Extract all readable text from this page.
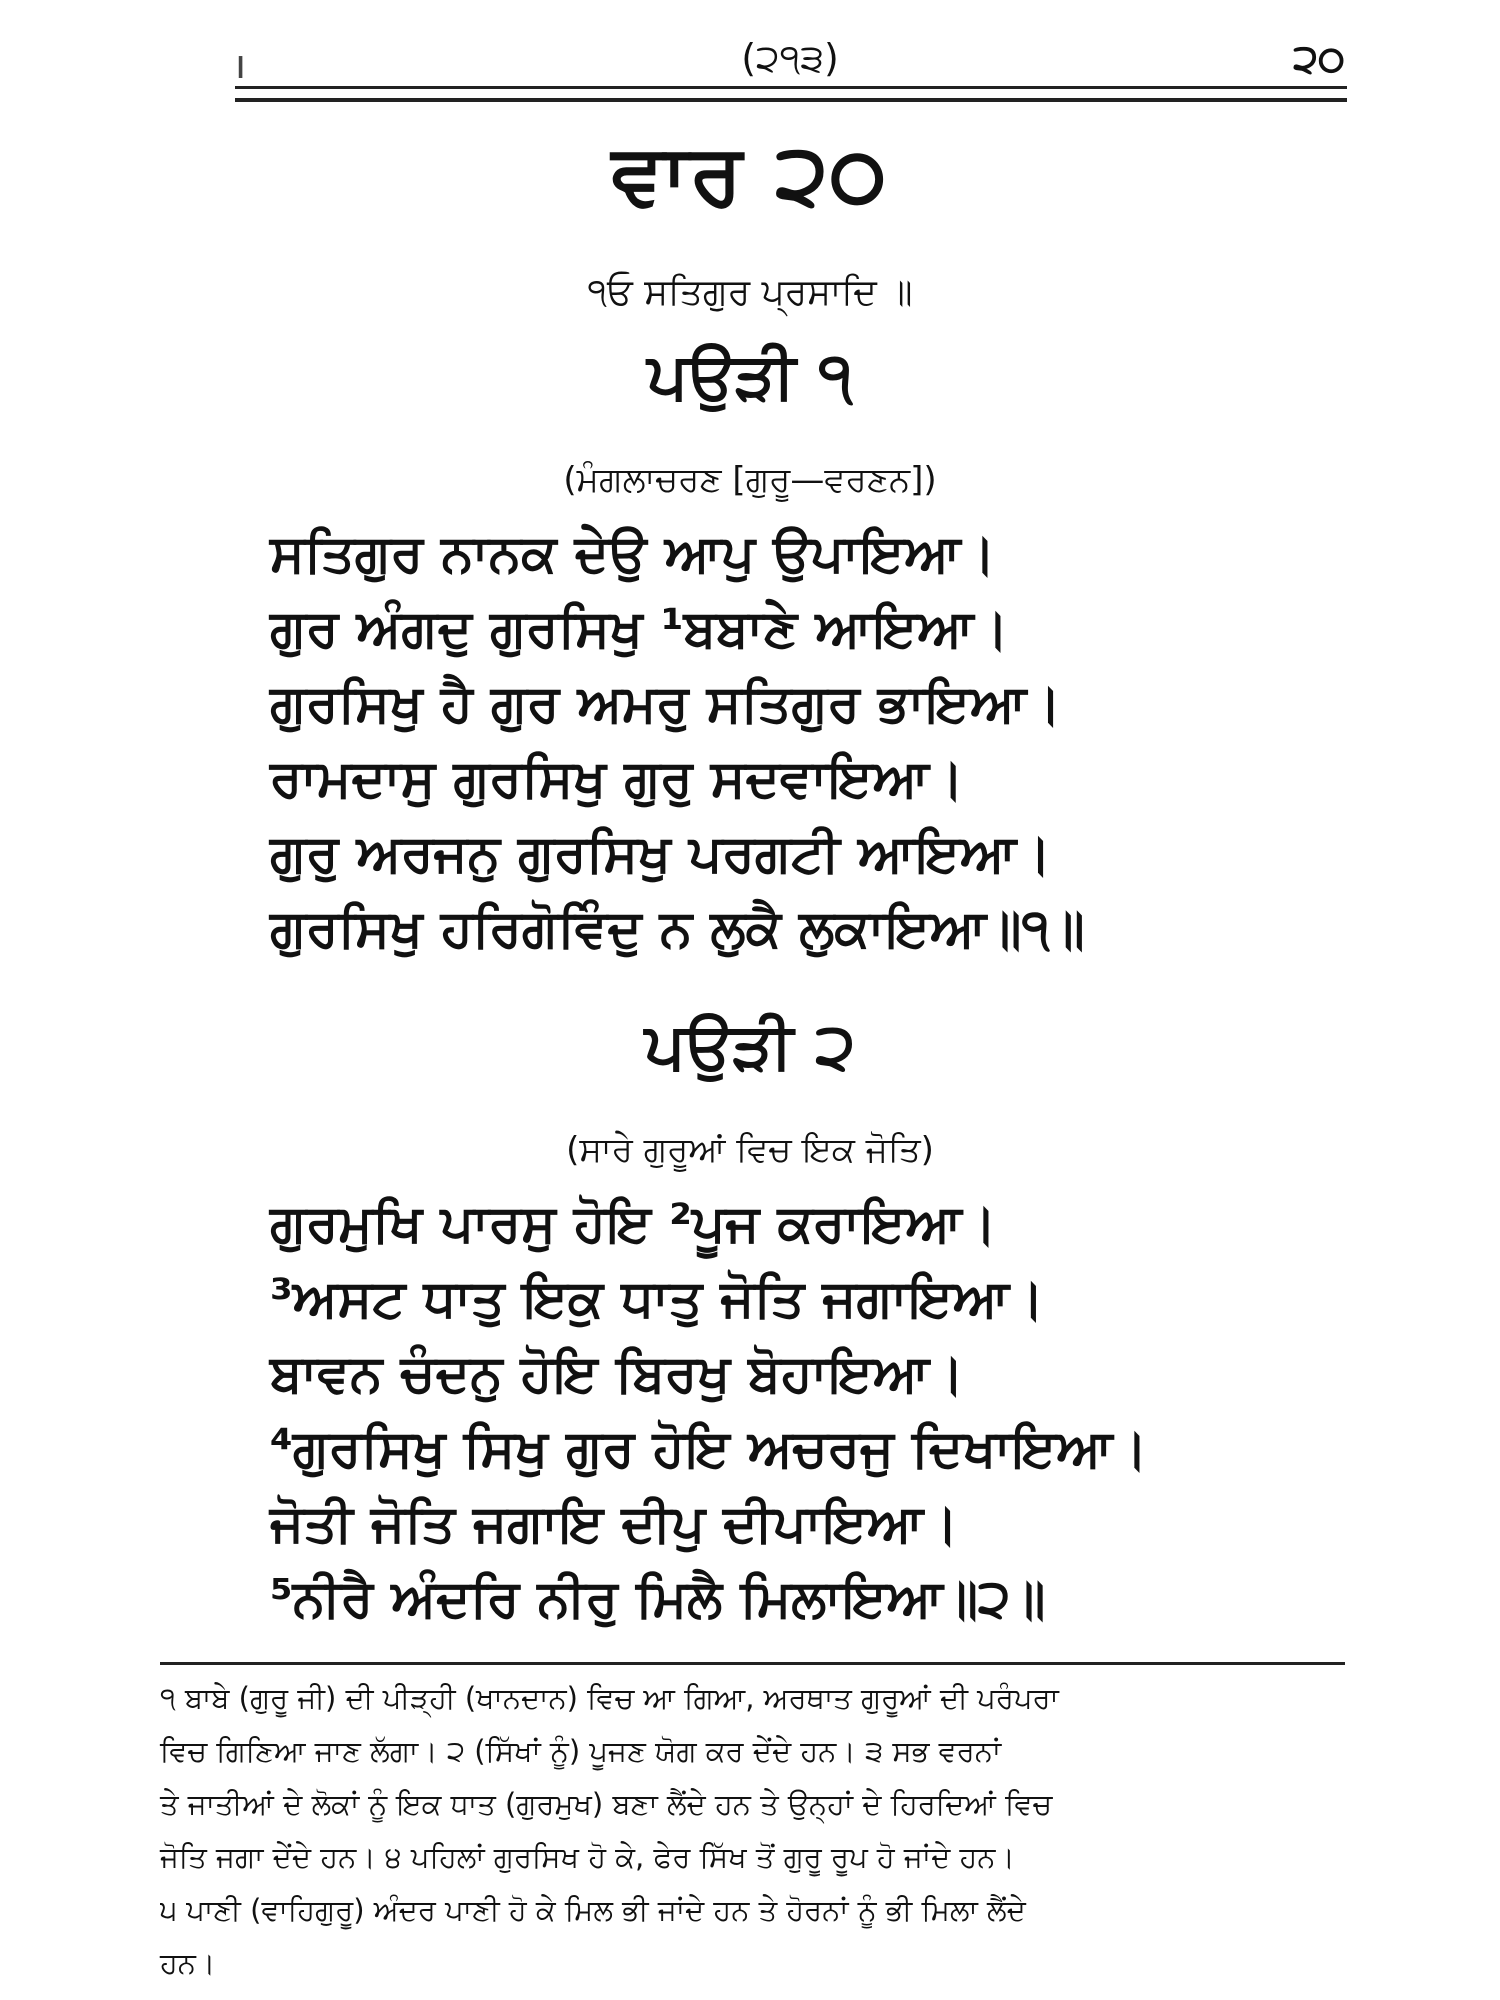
ı	(੨੧੩)	੨੦
ਵਾਰ ੨੦
੧ਓ ਸਤਿਗੁਰ ਪ੍ਰਸਾਦਿ ॥
ਪਉੜੀ ੧
(ਮੰਗਲਾਚਰਣ [ਗੁਰੂ—ਵਰਣਨ])
ਸਤਿਗੁਰ ਨਾਨਕ ਦੇਉ ਆਪੁ ਉਪਾਇਆ।
ਗੁਰ ਅੰਗਦੁ ਗੁਰਸਿਖੁ ¹ਬਬਾਣੇ ਆਇਆ।
ਗੁਰਸਿਖੁ ਹੈ ਗੁਰ ਅਮਰੁ ਸਤਿਗੁਰ ਭਾਇਆ।
ਰਾਮਦਾਸੁ ਗੁਰਸਿਖੁ ਗੁਰੁ ਸਦਵਾਇਆ।
ਗੁਰੁ ਅਰਜਨੁ ਗੁਰਸਿਖੁ ਪਰਗਟੀ ਆਇਆ।
ਗੁਰਸਿਖੁ ਹਰਿਗੋਵਿੰਦੁ ਨ ਲੁਕੈ ਲੁਕਾਇਆ॥੧॥
ਪਉੜੀ ੨
(ਸਾਰੇ ਗੁਰੂਆਂ ਵਿਚ ਇਕ ਜੋਤਿ)
ਗੁਰਮੁਖਿ ਪਾਰਸੁ ਹੋਇ ²ਪੂਜ ਕਰਾਇਆ।
³ਅਸਟ ਧਾਤੁ ਇਕੁ ਧਾਤੁ ਜੋਤਿ ਜਗਾਇਆ।
ਬਾਵਨ ਚੰਦਨੁ ਹੋਇ ਬਿਰਖੁ ਬੋਹਾਇਆ।
⁴ਗੁਰਸਿਖੁ ਸਿਖੁ ਗੁਰ ਹੋਇ ਅਚਰਜੁ ਦਿਖਾਇਆ।
ਜੋਤੀ ਜੋਤਿ ਜਗਾਇ ਦੀਪੁ ਦੀਪਾਇਆ।
⁵ਨੀਰੈ ਅੰਦਰਿ ਨੀਰੁ ਮਿਲੈ ਮਿਲਾਇਆ॥੨॥

੧ ਬਾਬੇ (ਗੁਰੂ ਜੀ) ਦੀ ਪੀੜ੍ਹੀ (ਖਾਨਦਾਨ) ਵਿਚ ਆ ਗਿਆ, ਅਰਥਾਤ ਗੁਰੂਆਂ ਦੀ ਪਰੰਪਰਾ

ਵਿਚ ਗਿਣਿਆ ਜਾਣ ਲੱਗਾ। ੨ (ਸਿੱਖਾਂ ਨੂੰ) ਪੂਜਣ ਯੋਗ ਕਰ ਦੇਂਦੇ ਹਨ। ੩ ਸਭ ਵਰਨਾਂ

ਤੇ ਜਾਤੀਆਂ ਦੇ ਲੋਕਾਂ ਨੂੰ ਇਕ ਧਾਤ (ਗੁਰਮੁਖ) ਬਣਾ ਲੈਂਦੇ ਹਨ ਤੇ ਉਨ੍ਹਾਂ ਦੇ ਹਿਰਦਿਆਂ ਵਿਚ

ਜੋਤਿ ਜਗਾ ਦੇਂਦੇ ਹਨ। ੪ ਪਹਿਲਾਂ ਗੁਰਸਿਖ ਹੋ ਕੇ, ਫੇਰ ਸਿੱਖ ਤੋਂ ਗੁਰੂ ਰੂਪ ਹੋ ਜਾਂਦੇ ਹਨ।

੫ ਪਾਣੀ (ਵਾਹਿਗੁਰੂ) ਅੰਦਰ ਪਾਣੀ ਹੋ ਕੇ ਮਿਲ ਭੀ ਜਾਂਦੇ ਹਨ ਤੇ ਹੋਰਨਾਂ ਨੂੰ ਭੀ ਮਿਲਾ ਲੈਂਦੇ

ਹਨ।
